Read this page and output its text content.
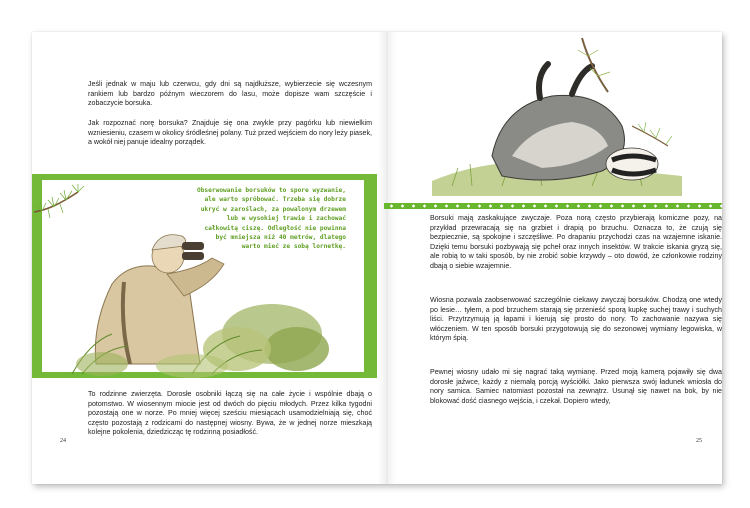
Jeśli jednak w maju lub czerwcu, gdy dni są najdłuższe, wybierzecie się wczesnym rankiem lub bardzo późnym wieczorem do lasu, może dopisze wam szczęście i zobaczycie borsuka.

Jak rozpoznać norę borsuka? Znajduje się ona zwykle przy pagórku lub niewielkim wzniesieniu, czasem w okolicy śródleśnej polany. Tuż przed wejściem do nory leży piasek, a wokół niej panuje idealny porządek.

Obserwowanie borsuków to spore wyzwanie, ale warto spróbować. Trzeba się dobrze ukryć w zaroślach, za powalonym drzewem lub w wysokiej trawie i zachować całkowitą ciszę. Odległość nie powinna być mniejsza niż 40 metrów, dlatego warto mieć ze sobą lornetkę.

To rodzinne zwierzęta. Dorosłe osobniki łączą się na całe życie i wspólnie dbają o potomstwo. W wiosennym miocie jest od dwóch do pięciu młodych. Przez kilka tygodni pozostają one w norze. Po mniej więcej sześciu miesiącach usamodzielniają się, choć często pozostają z rodzicami do następnej wiosny. Bywa, że w jednej norze mieszkają kolejne pokolenia, dziedzicząc tę rodzinną posiadłość.

24

Borsuki mają zaskakujące zwyczaje. Poza norą często przybierają komiczne pozy, na przykład przewracają się na grzbiet i drapią po brzuchu. Oznacza to, że czują się bezpiecznie, są spokojne i szczęśliwe. Po drapaniu przychodzi czas na wzajemne iskanie. Dzięki temu borsuki pozbywają się pcheł oraz innych insektów. W trakcie iskania gryzą się, ale robią to w taki sposób, by nie zrobić sobie krzywdy – oto dowód, że członkowie rodziny dbają o siebie wzajemnie.

Wiosna pozwala zaobserwować szczególnie ciekawy zwyczaj borsuków. Chodzą one wtedy po lesie… tyłem, a pod brzuchem starają się przenieść sporą kupkę suchej trawy i suchych liści. Przytrzymują ją łapami i kierują się prosto do nory. To zachowanie nazywa się włóczeniem. W ten sposób borsuki przygotowują się do sezonowej wymiany legowiska, w którym śpią.

Pewnej wiosny udało mi się nagrać taką wymianę. Przed moją kamerą pojawiły się dwa dorosłe jaźwce, każdy z niemałą porcją wyściółki. Jako pierwsza swój ładunek wniosła do nory samica. Samiec natomiast pozostał na zewnątrz. Usunął się nawet na bok, by nie blokować dość ciasnego wejścia, i czekał. Dopiero wtedy,

25
